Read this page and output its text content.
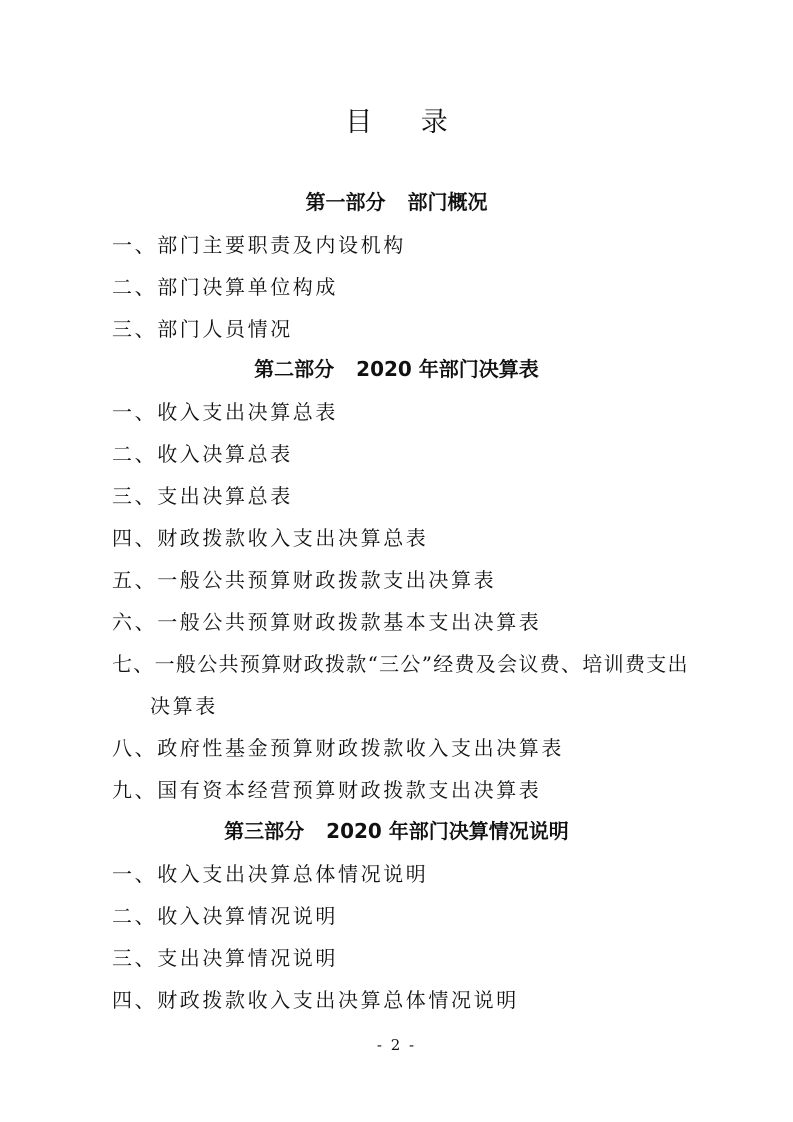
目 录
第一部分 部门概况
一、部门主要职责及内设机构
二、部门决算单位构成
三、部门人员情况
第二部分 2020 年部门决算表
一、收入支出决算总表
二、收入决算总表
三、支出决算总表
四、财政拨款收入支出决算总表
五、一般公共预算财政拨款支出决算表
六、一般公共预算财政拨款基本支出决算表
七、一般公共预算财政拨款“三公”经费及会议费、培训费支出
决算表
八、政府性基金预算财政拨款收入支出决算表
九、国有资本经营预算财政拨款支出决算表
第三部分 2020 年部门决算情况说明
一、收入支出决算总体情况说明
二、收入决算情况说明
三、支出决算情况说明
四、财政拨款收入支出决算总体情况说明
- 2 -
